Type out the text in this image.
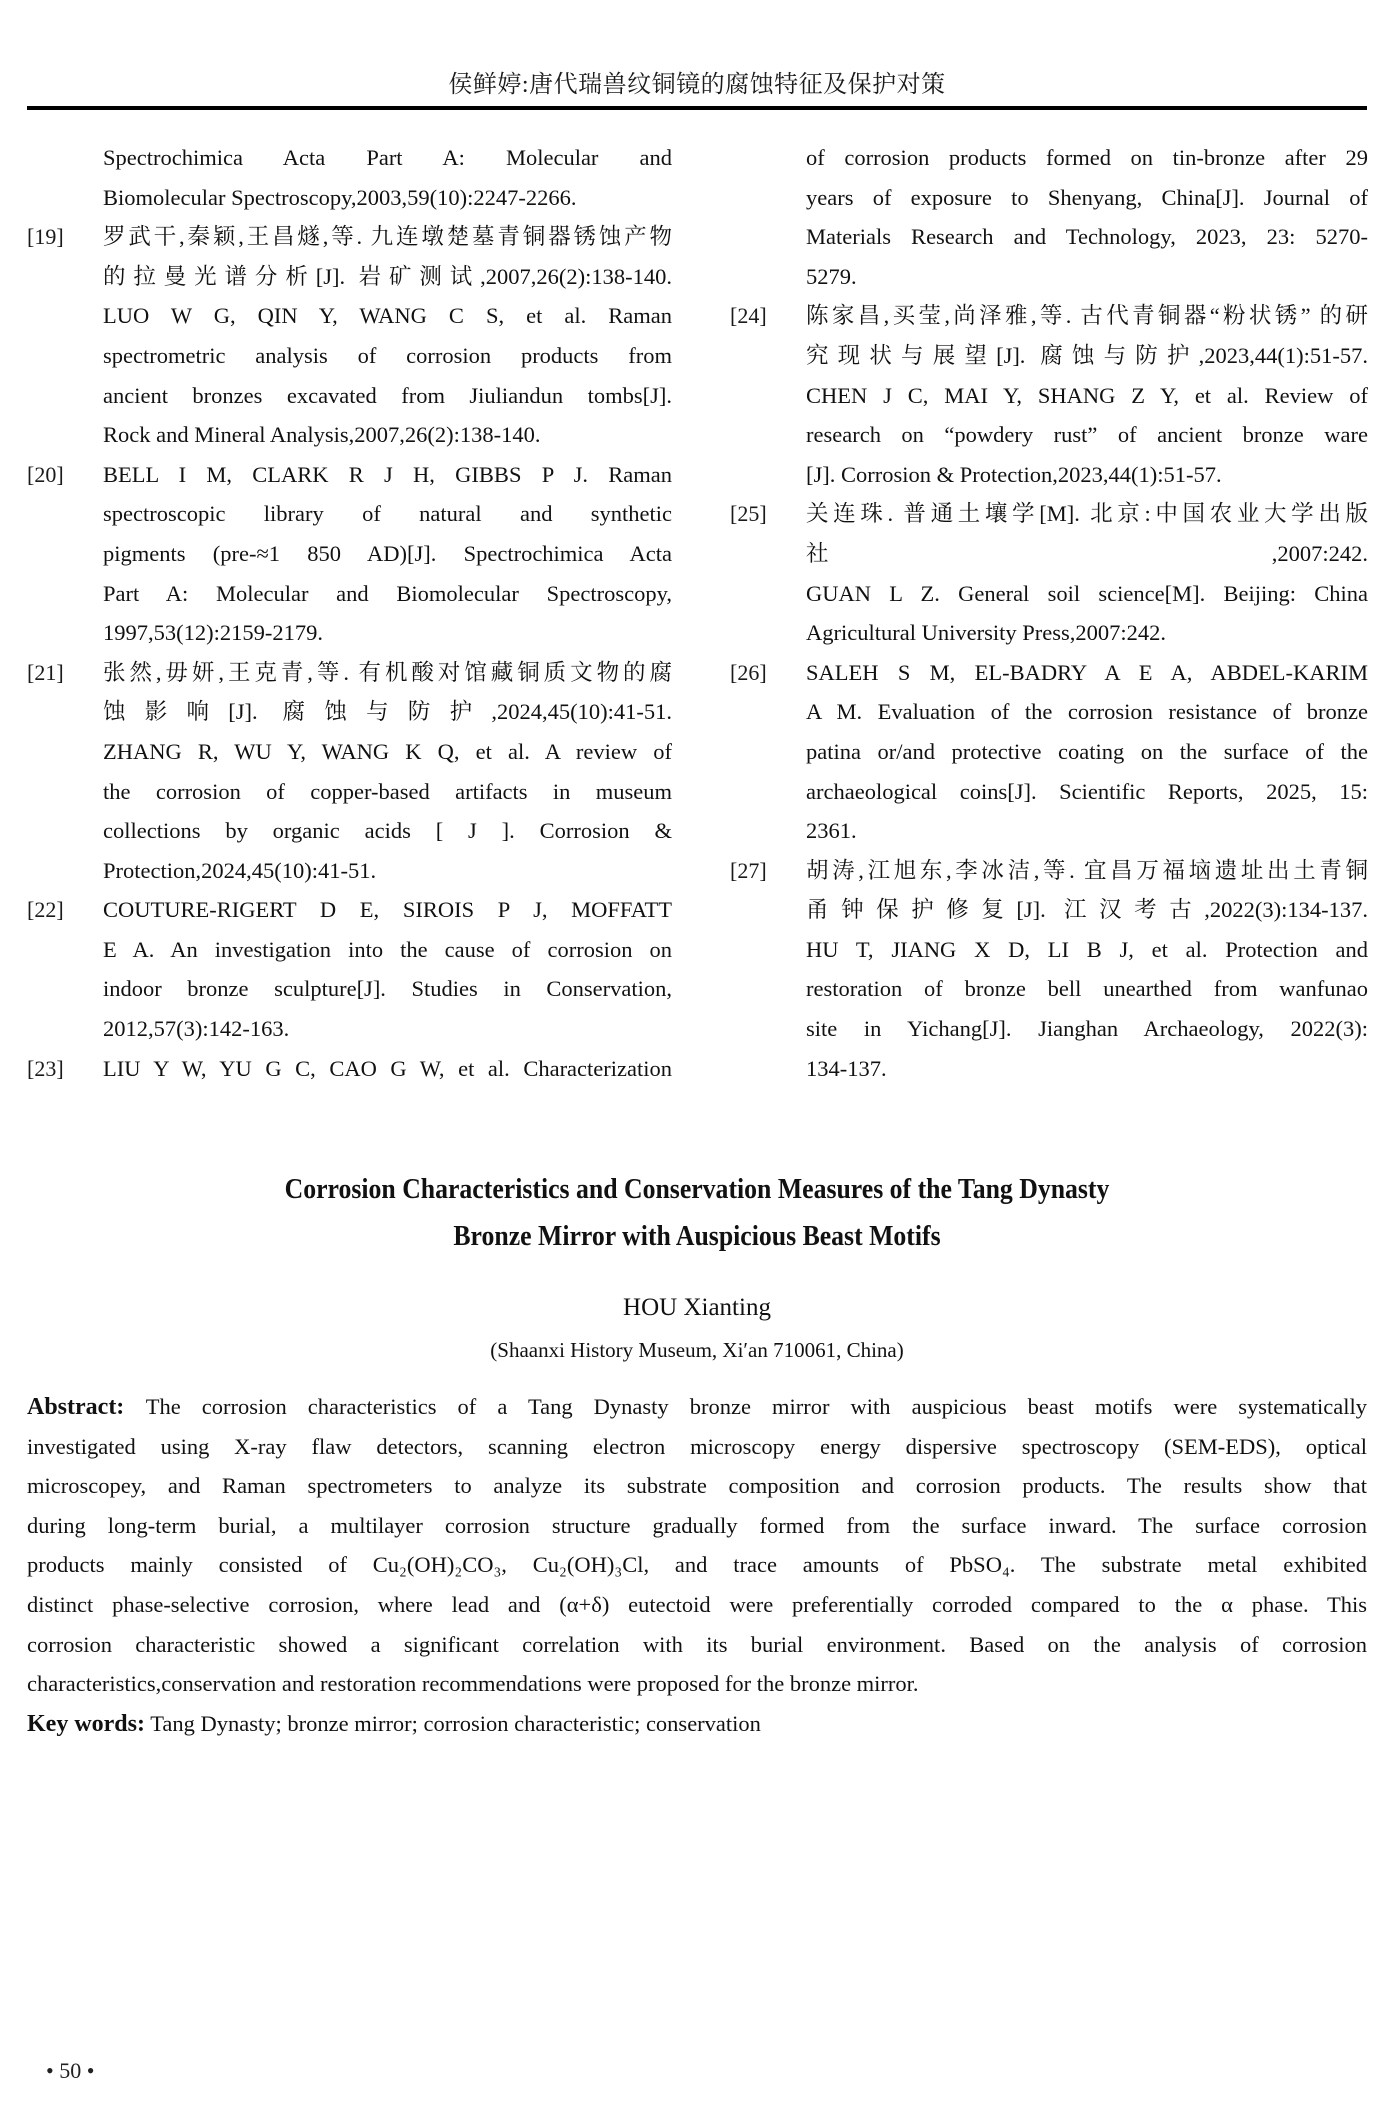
侯鲜婷:唐代瑞兽纹铜镜的腐蚀特征及保护对策
Spectrochimica Acta Part A: Molecular and
Biomolecular Spectroscopy,2003,59(10):2247-2266.
[19] 罗武干,秦颖,王昌燧,等. 九连墩楚墓青铜器锈蚀产物
的拉曼光谱分析[J]. 岩矿测试,2007,26(2):138-140.
LUO W G, QIN Y, WANG C S, et al. Raman
spectrometric analysis of corrosion products from
ancient bronzes excavated from Jiuliandun tombs[J].
Rock and Mineral Analysis,2007,26(2):138-140.
[20] BELL I M, CLARK R J H, GIBBS P J. Raman
spectroscopic library of natural and synthetic
pigments (pre-≈1 850 AD)[J]. Spectrochimica Acta
Part A: Molecular and Biomolecular Spectroscopy,
1997,53(12):2159-2179.
[21] 张然,毋妍,王克青,等. 有机酸对馆藏铜质文物的腐
蚀影响[J]. 腐蚀与防护,2024,45(10):41-51.
ZHANG R, WU Y, WANG K Q, et al. A review of
the corrosion of copper-based artifacts in museum
collections by organic acids [ J ]. Corrosion &
Protection,2024,45(10):41-51.
[22] COUTURE-RIGERT D E, SIROIS P J, MOFFATT
E A. An investigation into the cause of corrosion on
indoor bronze sculpture[J]. Studies in Conservation,
2012,57(3):142-163.
[23] LIU Y W, YU G C, CAO G W, et al. Characterization
of corrosion products formed on tin-bronze after 29
years of exposure to Shenyang, China[J]. Journal of
Materials Research and Technology, 2023, 23: 5270-
5279.
[24] 陈家昌,买莹,尚泽雅,等. 古代青铜器“粉状锈” 的研
究现状与展望[J]. 腐蚀与防护,2023,44(1):51-57.
CHEN J C, MAI Y, SHANG Z Y, et al. Review of
research on “powdery rust” of ancient bronze ware
[J]. Corrosion & Protection,2023,44(1):51-57.
[25] 关连珠. 普通土壤学[M]. 北京:中国农业大学出版
社,2007:242.
GUAN L Z. General soil science[M]. Beijing: China
Agricultural University Press,2007:242.
[26] SALEH S M, EL-BADRY A E A, ABDEL-KARIM
A M. Evaluation of the corrosion resistance of bronze
patina or/and protective coating on the surface of the
archaeological coins[J]. Scientific Reports, 2025, 15:
2361.
[27] 胡涛,江旭东,李冰洁,等. 宜昌万福垴遗址出土青铜
甬钟保护修复[J]. 江汉考古,2022(3):134-137.
HU T, JIANG X D, LI B J, et al. Protection and
restoration of bronze bell unearthed from wanfunao
site in Yichang[J]. Jianghan Archaeology, 2022(3):
134-137.
Corrosion Characteristics and Conservation Measures of the Tang Dynasty
Bronze Mirror with Auspicious Beast Motifs
HOU Xianting
(Shaanxi History Museum, Xi′an 710061, China)
Abstract: The corrosion characteristics of a Tang Dynasty bronze mirror with auspicious beast motifs were systematically
investigated using X-ray flaw detectors, scanning electron microscopy energy dispersive spectroscopy (SEM-EDS), optical
microscopey, and Raman spectrometers to analyze its substrate composition and corrosion products. The results show that
during long-term burial, a multilayer corrosion structure gradually formed from the surface inward. The surface corrosion
products mainly consisted of Cu₂(OH)₂CO₃, Cu₂(OH)₃Cl, and trace amounts of PbSO₄. The substrate metal exhibited
distinct phase-selective corrosion, where lead and (α+δ) eutectoid were preferentially corroded compared to the α phase. This
corrosion characteristic showed a significant correlation with its burial environment. Based on the analysis of corrosion
characteristics,conservation and restoration recommendations were proposed for the bronze mirror.
Key words: Tang Dynasty; bronze mirror; corrosion characteristic; conservation
• 50 •
